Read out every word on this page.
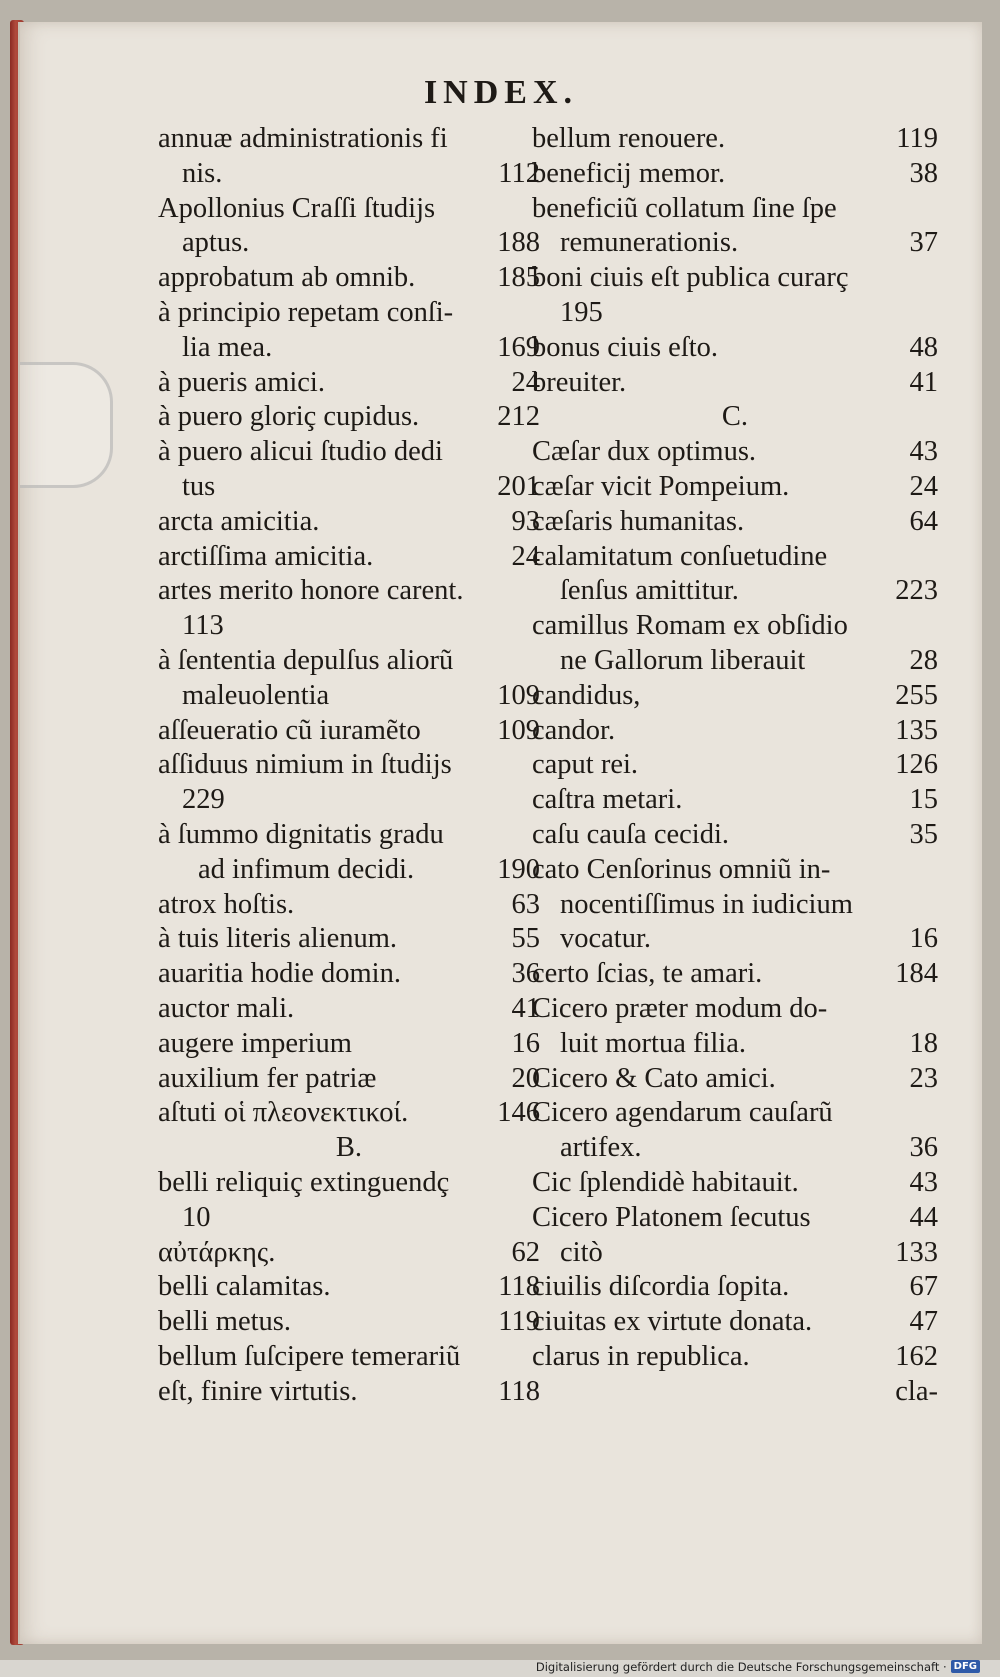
INDEX.
annuæ administrationis fi
nis.	112
Apollonius Craſſi ſtudijs
aptus.	188
approbatum ab omnib.	185
à principio repetam conſi-
lia mea.	169
à pueris amici.	24
à puero gloriç cupidus.	212
à puero alicui ſtudio dedi
tus	201
arcta amicitia.	93
arctiſſima amicitia.	24
artes merito honore carent.
113
à ſententia depulſus aliorũ
maleuolentia	109
aſſeueratio cũ iuramẽto	109
aſſiduus nimium in ſtudijs
229
à ſummo dignitatis gradu
ad infimum decidi.	190
atrox hoſtis.	63
à tuis literis alienum.	55
auaritia hodie domin.	36
auctor mali.	41
augere imperium	16
auxilium fer patriæ	20
aſtuti οἱ πλεονεκτικοί.	146
B.
belli reliquiç extinguendç
10
αὐτάρκης.	62
belli calamitas.	118
belli metus.	119
bellum ſuſcipere temerariũ
eſt, finire virtutis.	118
bellum renouere.	119
beneficij memor.	38
beneficiũ collatum ſine ſpe
remunerationis.	37
boni ciuis eſt publica curarç
195
bonus ciuis eſto.	48
breuiter.	41
C.
Cæſar dux optimus.	43
cæſar vicit Pompeium.	24
cæſaris humanitas.	64
calamitatum conſuetudine
ſenſus amittitur.	223
camillus Romam ex obſidio
ne Gallorum liberauit	28
candidus,	255
candor.	135
caput rei.	126
caſtra metari.	15
caſu cauſa cecidi.	35
cato Cenſorinus omniũ in-
nocentiſſimus in iudicium
vocatur.	16
certo ſcias, te amari.	184
Cicero præter modum do-
luit mortua filia.	18
Cicero & Cato amici.	23
Cicero agendarum cauſarũ
artifex.	36
Cic ſplendidè habitauit.	43
Cicero Platonem ſecutus	44
citò	133
ciuilis diſcordia ſopita.	67
ciuitas ex virtute donata.	47
clarus in republica.	162
cla-
Digitalisierung gefördert durch die Deutsche Forschungsgemeinschaft · DFG
